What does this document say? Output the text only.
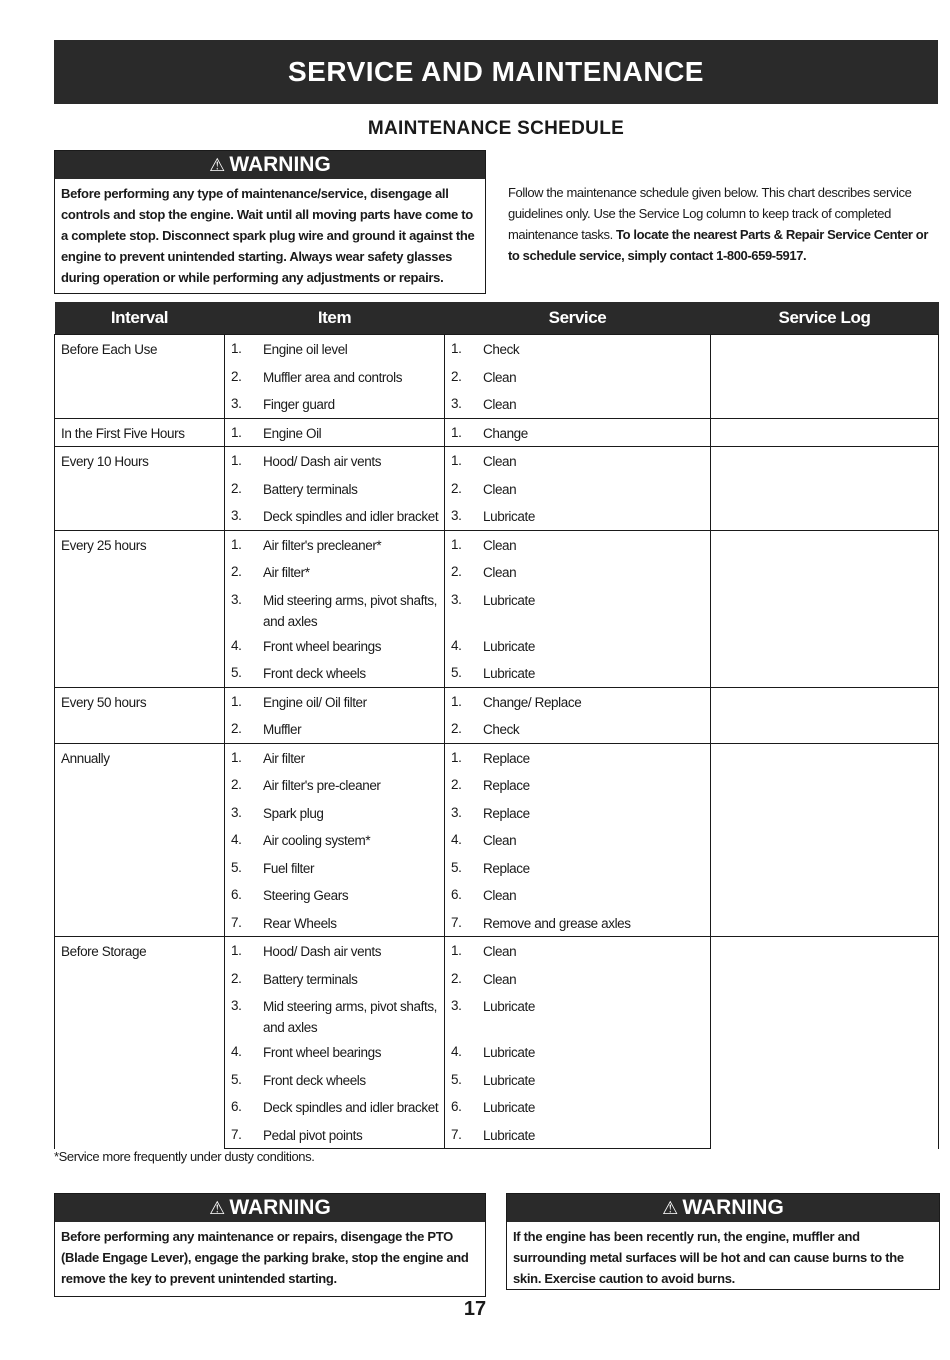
SERVICE AND MAINTENANCE
MAINTENANCE SCHEDULE
⚠ WARNING
Before performing any type of maintenance/service, disengage all controls and stop the engine. Wait until all moving parts have come to a complete stop. Disconnect spark plug wire and ground it against the engine to prevent unintended starting. Always wear safety glasses during operation or while performing any adjustments or repairs.
Follow the maintenance schedule given below. This chart describes service guidelines only. Use the Service Log column to keep track of completed maintenance tasks. To locate the nearest Parts & Repair Service Center or to schedule service, simply contact 1-800-659-5917.
Interval	Item	Service	Service Log

Before Each Use	1. Engine oil level	1. Check	

	2. Muffler area and controls	2. Clean	

	3. Finger guard	3. Clean	

In the First Five Hours	1. Engine Oil	1. Change	

Every 10 Hours	1. Hood/ Dash air vents	1. Clean	

	2. Battery terminals	2. Clean	

	3. Deck spindles and idler bracket	3. Lubricate	

Every 25 hours	1. Air filter's precleaner*	1. Clean	

	2. Air filter*	2. Clean	

	3. Mid steering arms, pivot shafts, and axles	3. Lubricate	

	4. Front wheel bearings	4. Lubricate	

	5. Front deck wheels	5. Lubricate	

Every 50 hours	1. Engine oil/ Oil filter	1. Change/ Replace	

	2. Muffler	2. Check	

Annually	1. Air filter	1. Replace	

	2. Air filter's pre-cleaner	2. Replace	

	3. Spark plug	3. Replace	

	4. Air cooling system*	4. Clean	

	5. Fuel filter	5. Replace	

	6. Steering Gears	6. Clean	

	7. Rear Wheels	7. Remove and grease axles	

Before Storage	1. Hood/ Dash air vents	1. Clean	

	2. Battery terminals	2. Clean	

	3. Mid steering arms, pivot shafts, and axles	3. Lubricate	

	4. Front wheel bearings	4. Lubricate	

	5. Front deck wheels	5. Lubricate	

	6. Deck spindles and idler bracket	6. Lubricate	

	7. Pedal pivot points	7. Lubricate	
*Service more frequently under dusty conditions.
⚠ WARNING
Before performing any maintenance or repairs, disengage the PTO (Blade Engage Lever), engage the parking brake, stop the engine and remove the key to prevent unintended starting.
⚠ WARNING
If the engine has been recently run, the engine, muffler and surrounding metal surfaces will be hot and can cause burns to the skin. Exercise caution to avoid burns.
17
